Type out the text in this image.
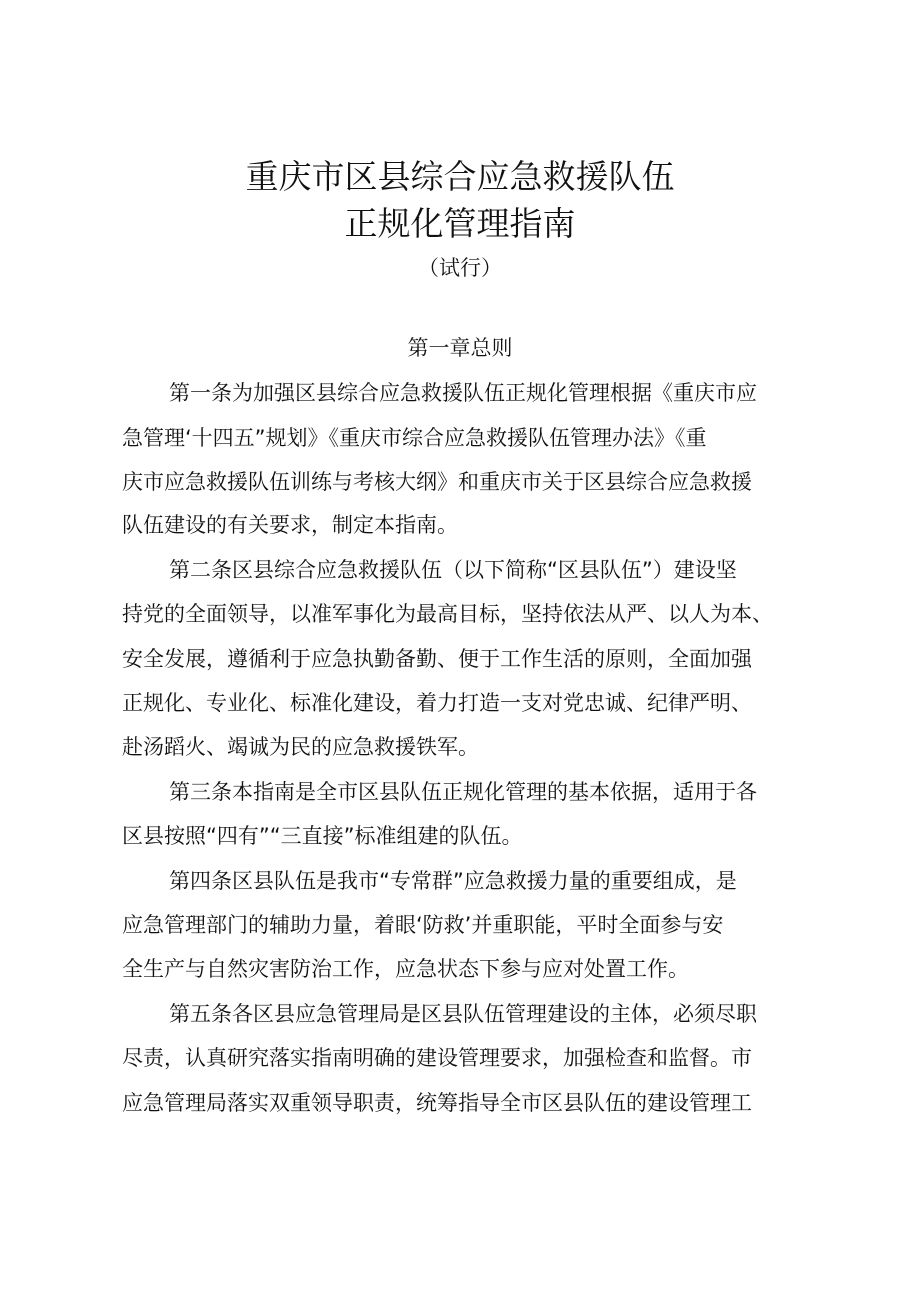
重庆市区县综合应急救援队伍
正规化管理指南
（试行）
第一章总则
第一条为加强区县综合应急救援队伍正规化管理根据《重庆市应
急管理‘十四五”规划》《重庆市综合应急救援队伍管理办法》《重
庆市应急救援队伍训练与考核大纲》和重庆市关于区县综合应急救援
队伍建设的有关要求，制定本指南。
第二条区县综合应急救援队伍（以下简称“区县队伍”）建设坚
持党的全面领导，以准军事化为最高目标，坚持依法从严、以人为本、
安全发展，遵循利于应急执勤备勤、便于工作生活的原则，全面加强
正规化、专业化、标准化建设，着力打造一支对党忠诚、纪律严明、
赴汤蹈火、竭诚为民的应急救援铁军。
第三条本指南是全市区县队伍正规化管理的基本依据，适用于各
区县按照“四有”“三直接”标准组建的队伍。
第四条区县队伍是我市“专常群”应急救援力量的重要组成，是
应急管理部门的辅助力量，着眼‘防救’并重职能，平时全面参与安
全生产与自然灾害防治工作，应急状态下参与应对处置工作。
第五条各区县应急管理局是区县队伍管理建设的主体，必须尽职
尽责，认真研究落实指南明确的建设管理要求，加强检查和监督。市
应急管理局落实双重领导职责，统筹指导全市区县队伍的建设管理工
